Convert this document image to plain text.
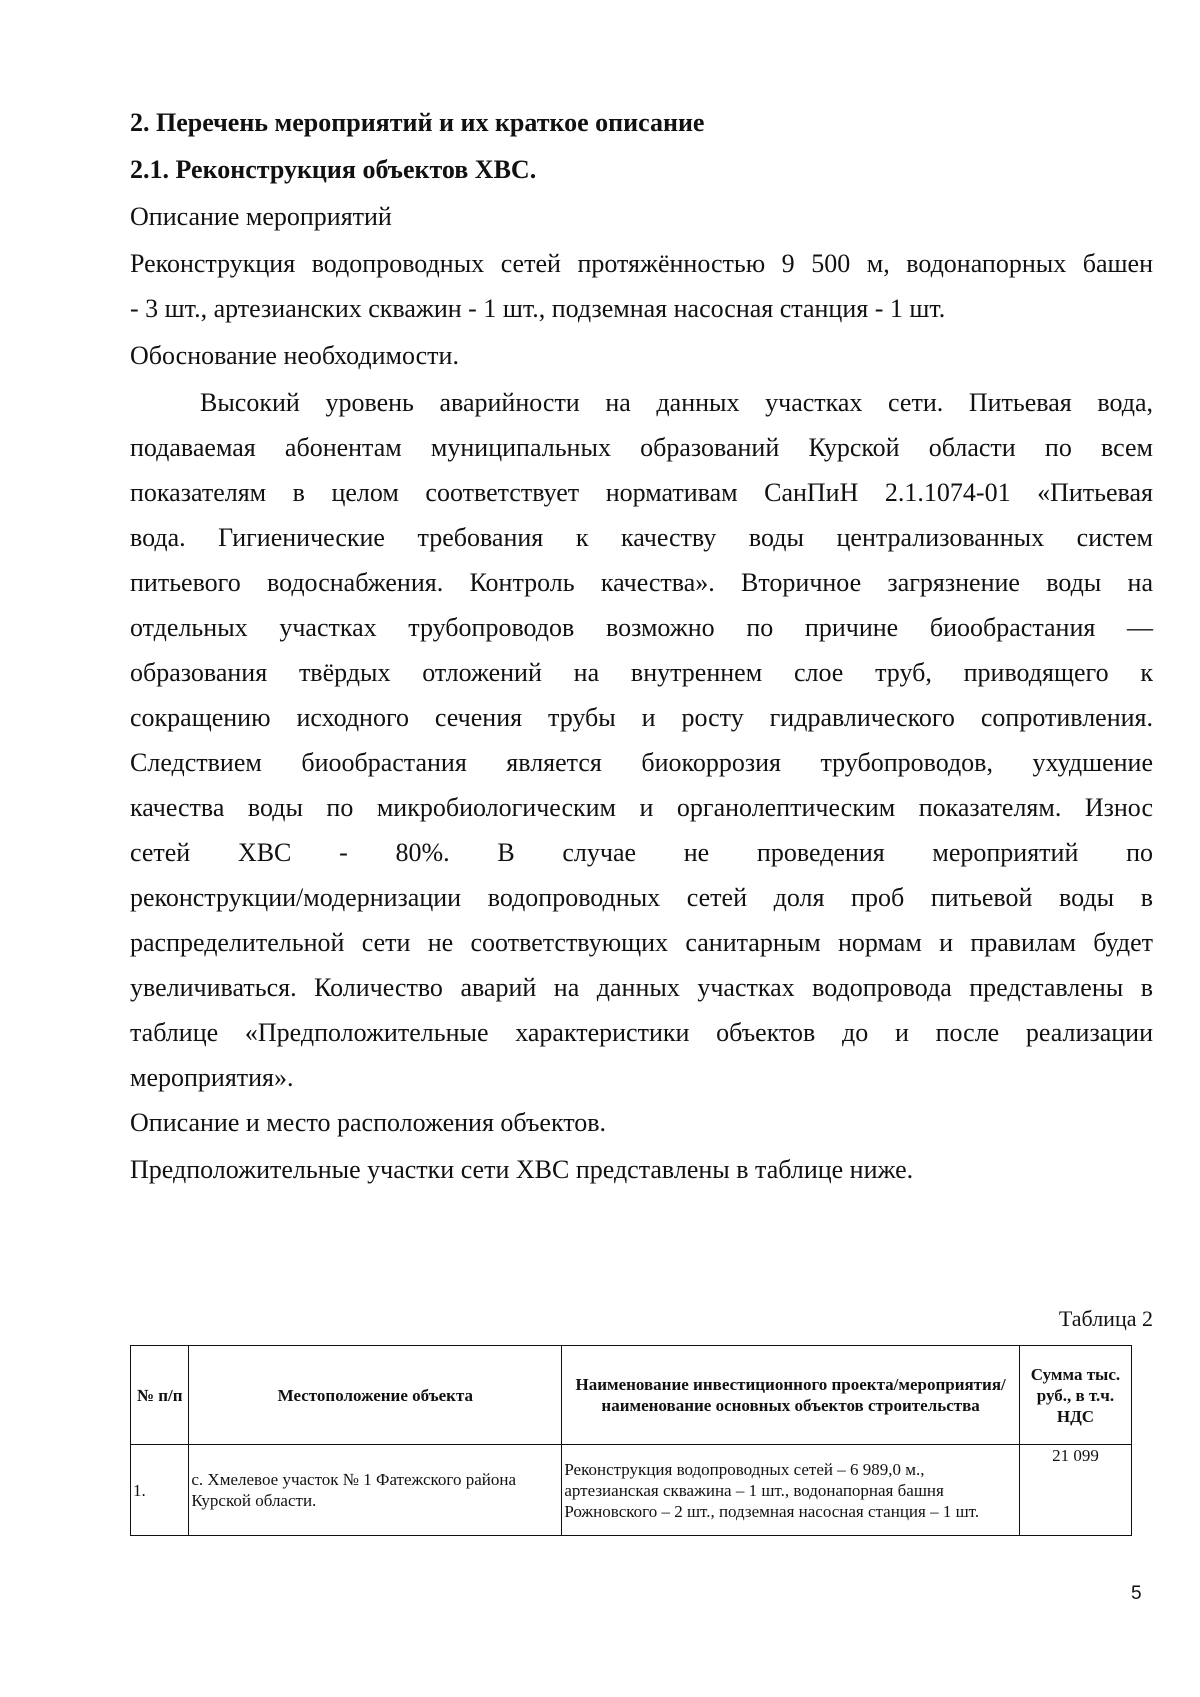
2. Перечень мероприятий и их краткое описание
2.1. Реконструкция объектов ХВС.
Описание мероприятий
Реконструкция водопроводных сетей протяжённостью 9 500 м, водонапорных башен
- 3 шт., артезианских скважин - 1 шт., подземная насосная станция - 1 шт.
Обоснование необходимости.
Высокий уровень аварийности на данных участках сети. Питьевая вода,
подаваемая абонентам муниципальных образований Курской области по всем
показателям в целом соответствует нормативам СанПиН 2.1.1074-01 «Питьевая
вода. Гигиенические требования к качеству воды централизованных систем
питьевого водоснабжения. Контроль качества». Вторичное загрязнение воды на
отдельных участках трубопроводов возможно по причине биообрастания —
образования твёрдых отложений на внутреннем слое труб, приводящего к
сокращению исходного сечения трубы и росту гидравлического сопротивления.
Следствием биообрастания является биокоррозия трубопроводов, ухудшение
качества воды по микробиологическим и органолептическим показателям. Износ
сетей ХВС - 80%. В случае не проведения мероприятий по
реконструкции/модернизации водопроводных сетей доля проб питьевой воды в
распределительной сети не соответствующих санитарным нормам и правилам будет
увеличиваться. Количество аварий на данных участках водопровода представлены в
таблице «Предположительные характеристики объектов до и после реализации
мероприятия».
Описание и место расположения объектов.
Предположительные участки сети ХВС представлены в таблице ниже.
Таблица 2
№ п/п	Местоположение объекта	Наименование инвестиционного проекта/мероприятия/наименование основных объектов строительства	Сумма тыс. руб., в т.ч. НДС
1.	с. Хмелевое участок № 1 Фатежского района Курской области.	Реконструкция водопроводных сетей – 6 989,0 м., артезианская скважина – 1 шт., водонапорная башня Рожновского – 2 шт., подземная насосная станция – 1 шт.	21 099
5
